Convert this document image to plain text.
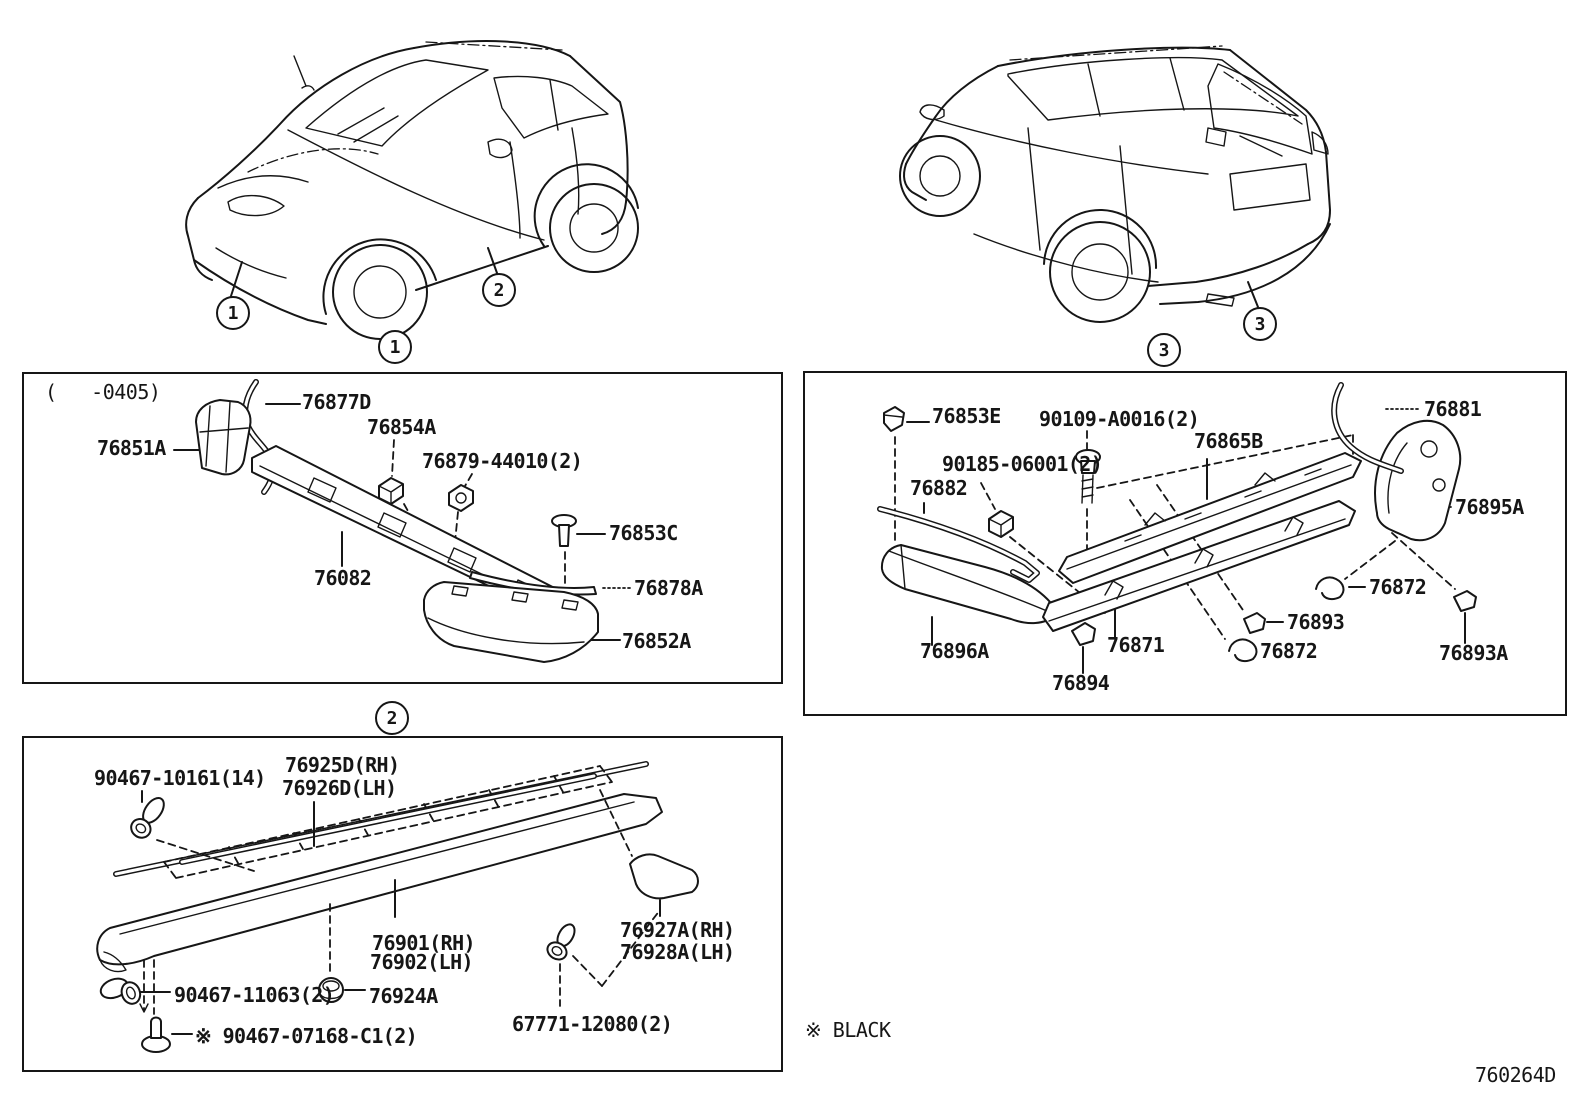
1
2
1
3
3
(   -0405)	76877D
76854A
76851A
76879-44010(2)
76853C
76082	76878A
76852A
2
76853E 90109-A0016(2)
76865B
90185-06001(2)
76882
76881
76895A
76872
76893
76872
76871
76896A
76894
76893A
90467-10161(14)
76925D(RH)
76926D(LH)
76901(RH)
76902(LH)
76927A(RH)
76928A(LH)
90467-11063(2) 76924A
※ 90467-07168-C1(2)	67771-12080(2)	※ BLACK
760264D
